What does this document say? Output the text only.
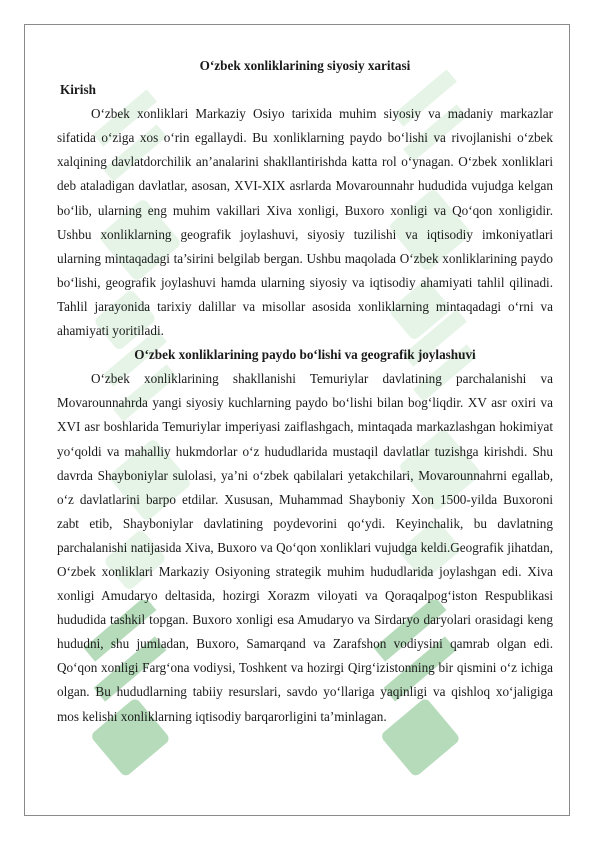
O‘zbek xonliklarining siyosiy xaritasi

Kirish

O‘zbek xonliklari Markaziy Osiyo tarixida muhim siyosiy va madaniy markazlar sifatida o‘ziga xos o‘rin egallaydi. Bu xonliklarning paydo bo‘lishi va rivojlanishi o‘zbek xalqining davlatdorchilik an’analarini shakllantirishda katta rol o‘ynagan. O‘zbek xonliklari deb ataladigan davlatlar, asosan, XVI-XIX asrlarda Movarounnahr hududida vujudga kelgan bo‘lib, ularning eng muhim vakillari Xiva xonligi, Buxoro xonligi va Qo‘qon xonligidir. Ushbu xonliklarning geografik joylashuvi, siyosiy tuzilishi va iqtisodiy imkoniyatlari ularning mintaqadagi ta’sirini belgilab bergan. Ushbu maqolada O‘zbek xonliklarining paydo bo‘lishi, geografik joylashuvi hamda ularning siyosiy va iqtisodiy ahamiyati tahlil qilinadi. Tahlil jarayonida tarixiy dalillar va misollar asosida xonliklarning mintaqadagi o‘rni va ahamiyati yoritiladi.

O‘zbek xonliklarining paydo bo‘lishi va geografik joylashuvi

O‘zbek xonliklarining shakllanishi Temuriylar davlatining parchalanishi va Movarounnahrda yangi siyosiy kuchlarning paydo bo‘lishi bilan bog‘liqdir. XV asr oxiri va XVI asr boshlarida Temuriylar imperiyasi zaiflashgach, mintaqada markazlashgan hokimiyat yo‘qoldi va mahalliy hukmdorlar o‘z hududlarida mustaqil davlatlar tuzishga kirishdi. Shu davrda Shayboniylar sulolasi, ya’ni o‘zbek qabilalari yetakchilari, Movarounnahrni egallab, o‘z davlatlarini barpo etdilar. Xususan, Muhammad Shayboniy Xon 1500-yilda Buxoroni zabt etib, Shayboniylar davlatining poydevorini qo‘ydi. Keyinchalik, bu davlatning parchalanishi natijasida Xiva, Buxoro va Qo‘qon xonliklari vujudga keldi.Geografik jihatdan, O‘zbek xonliklari Markaziy Osiyoning strategik muhim hududlarida joylashgan edi. Xiva xonligi Amudaryo deltasida, hozirgi Xorazm viloyati va Qoraqalpog‘iston Respublikasi hududida tashkil topgan. Buxoro xonligi esa Amudaryo va Sirdaryo daryolari orasidagi keng hududni, shu jumladan, Buxoro, Samarqand va Zarafshon vodiysini qamrab olgan edi. Qo‘qon xonligi Farg‘ona vodiysi, Toshkent va hozirgi Qirg‘izistonning bir qismini o‘z ichiga olgan. Bu hududlarning tabiiy resurslari, savdo yo‘llariga yaqinligi va qishloq xo‘jaligiga mos kelishi xonliklarning iqtisodiy barqarorligini ta’minlagan.
